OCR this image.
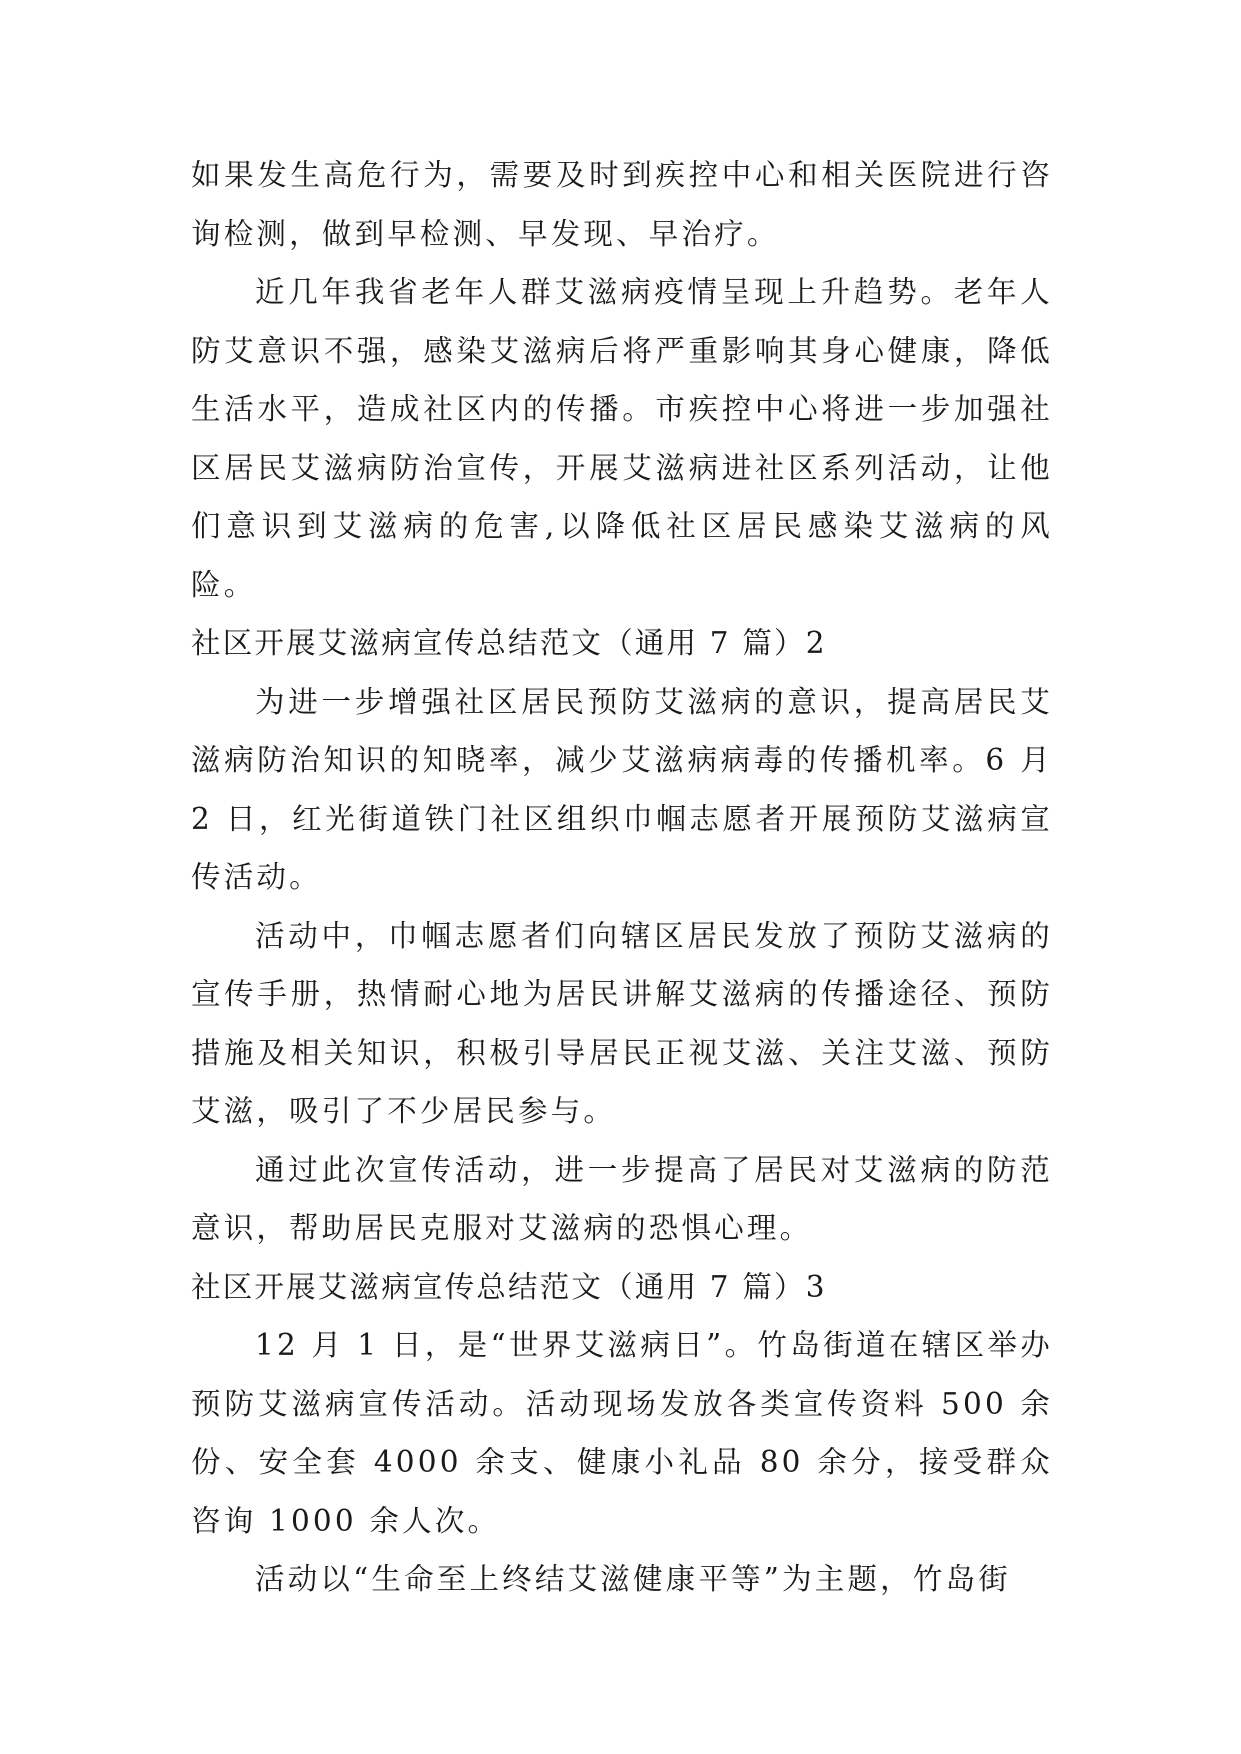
如果发生高危行为，需要及时到疾控中心和相关医院进行咨询检测，做到早检测、早发现、早治疗。

近几年我省老年人群艾滋病疫情呈现上升趋势。老年人防艾意识不强，感染艾滋病后将严重影响其身心健康，降低生活水平，造成社区内的传播。市疾控中心将进一步加强社区居民艾滋病防治宣传，开展艾滋病进社区系列活动，让他们意识到艾滋病的危害,以降低社区居民感染艾滋病的风险。

社区开展艾滋病宣传总结范文（通用 7 篇）2

为进一步增强社区居民预防艾滋病的意识，提高居民艾滋病防治知识的知晓率，减少艾滋病病毒的传播机率。6 月 2 日，红光街道铁门社区组织巾帼志愿者开展预防艾滋病宣传活动。

活动中，巾帼志愿者们向辖区居民发放了预防艾滋病的宣传手册，热情耐心地为居民讲解艾滋病的传播途径、预防措施及相关知识，积极引导居民正视艾滋、关注艾滋、预防艾滋，吸引了不少居民参与。

通过此次宣传活动，进一步提高了居民对艾滋病的防范意识，帮助居民克服对艾滋病的恐惧心理。

社区开展艾滋病宣传总结范文（通用 7 篇）3

12 月 1 日，是“世界艾滋病日”。竹岛街道在辖区举办预防艾滋病宣传活动。活动现场发放各类宣传资料 500 余份、安全套 4000 余支、健康小礼品 80 余分，接受群众咨询 1000 余人次。

活动以“生命至上终结艾滋健康平等”为主题，竹岛街
